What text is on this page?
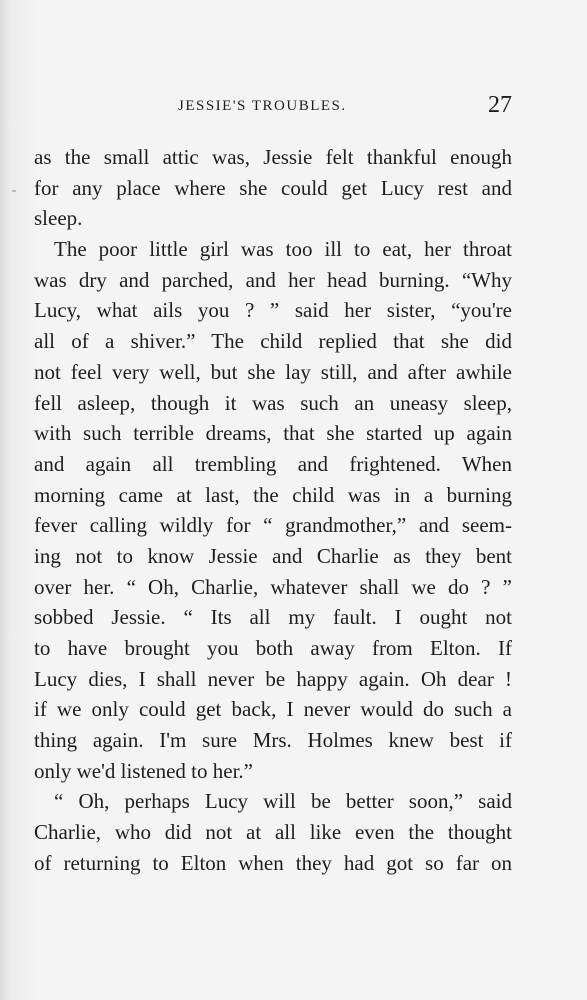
JESSIE'S TROUBLES.	27
as the small attic was, Jessie felt thankful enough
for any place where she could get Lucy rest and
sleep.
The poor little girl was too ill to eat, her throat
was dry and parched, and her head burning. “Why
Lucy, what ails you ? ” said her sister, “you're
all of a shiver.” The child replied that she did
not feel very well, but she lay still, and after awhile
fell asleep, though it was such an uneasy sleep,
with such terrible dreams, that she started up again
and again all trembling and frightened. When
morning came at last, the child was in a burning
fever calling wildly for “ grandmother,” and seem-
ing not to know Jessie and Charlie as they bent
over her. “ Oh, Charlie, whatever shall we do ? ”
sobbed Jessie. “ Its all my fault. I ought not
to have brought you both away from Elton. If
Lucy dies, I shall never be happy again. Oh dear !
if we only could get back, I never would do such a
thing again. I'm sure Mrs. Holmes knew best if
only we'd listened to her.”
“ Oh, perhaps Lucy will be better soon,” said
Charlie, who did not at all like even the thought
of returning to Elton when they had got so far on
